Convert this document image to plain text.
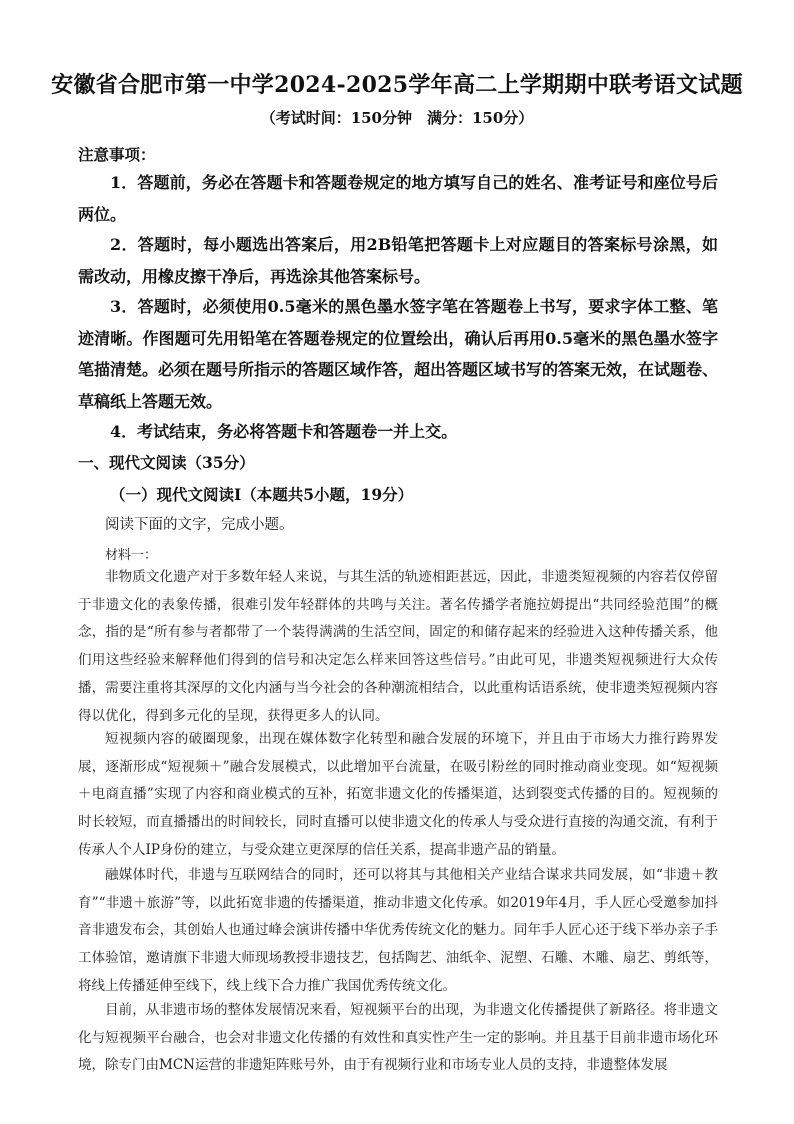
安徽省合肥市第一中学2024-2025学年高二上学期期中联考语文试题
（考试时间：150分钟　满分：150分）
注意事项：
1．答题前，务必在答题卡和答题卷规定的地方填写自己的姓名、准考证号和座位号后两位。
2．答题时，每小题选出答案后，用2B铅笔把答题卡上对应题目的答案标号涂黑，如需改动，用橡皮擦干净后，再选涂其他答案标号。
3．答题时，必须使用0.5毫米的黑色墨水签字笔在答题卷上书写，要求字体工整、笔迹清晰。作图题可先用铅笔在答题卷规定的位置绘出，确认后再用0.5毫米的黑色墨水签字笔描清楚。必须在题号所指示的答题区域作答，超出答题区域书写的答案无效，在试题卷、草稿纸上答题无效。
4．考试结束，务必将答题卡和答题卷一并上交。
一、现代文阅读（35分）
（一）现代文阅读Ⅰ（本题共5小题，19分）
阅读下面的文字，完成小题。
材料一：
非物质文化遗产对于多数年轻人来说，与其生活的轨迹相距甚远，因此，非遗类短视频的内容若仅停留于非遗文化的表象传播，很难引发年轻群体的共鸣与关注。著名传播学者施拉姆提出“共同经验范围”的概念，指的是“所有参与者都带了一个装得满满的生活空间，固定的和储存起来的经验进入这种传播关系，他们用这些经验来解释他们得到的信号和决定怎么样来回答这些信号。”由此可见，非遗类短视频进行大众传播，需要注重将其深厚的文化内涵与当今社会的各种潮流相结合，以此重构话语系统，使非遗类短视频内容得以优化，得到多元化的呈现，获得更多人的认同。
短视频内容的破圈现象，出现在媒体数字化转型和融合发展的环境下，并且由于市场大力推行跨界发展，逐渐形成“短视频＋”融合发展模式，以此增加平台流量，在吸引粉丝的同时推动商业变现。如“短视频＋电商直播”实现了内容和商业模式的互补，拓宽非遗文化的传播渠道，达到裂变式传播的目的。短视频的时长较短，而直播播出的时间较长，同时直播可以使非遗文化的传承人与受众进行直接的沟通交流，有利于传承人个人IP身份的建立，与受众建立更深厚的信任关系，提高非遗产品的销量。
融媒体时代，非遗与互联网结合的同时，还可以将其与其他相关产业结合谋求共同发展，如“非遗＋教育”“非遗＋旅游”等，以此拓宽非遗的传播渠道，推动非遗文化传承。如2019年4月，手人匠心受邀参加抖音非遗发布会，其创始人也通过峰会演讲传播中华优秀传统文化的魅力。同年手人匠心还于线下举办亲子手工体验馆，邀请旗下非遗大师现场教授非遗技艺，包括陶艺、油纸伞、泥塑、石雕、木雕、扇艺、剪纸等，将线上传播延伸至线下，线上线下合力推广我国优秀传统文化。
目前，从非遗市场的整体发展情况来看，短视频平台的出现，为非遗文化传播提供了新路径。将非遗文化与短视频平台融合，也会对非遗文化传播的有效性和真实性产生一定的影响。并且基于目前非遗市场化环境，除专门由MCN运营的非遗矩阵账号外，由于有视频行业和市场专业人员的支持，非遗整体发展
